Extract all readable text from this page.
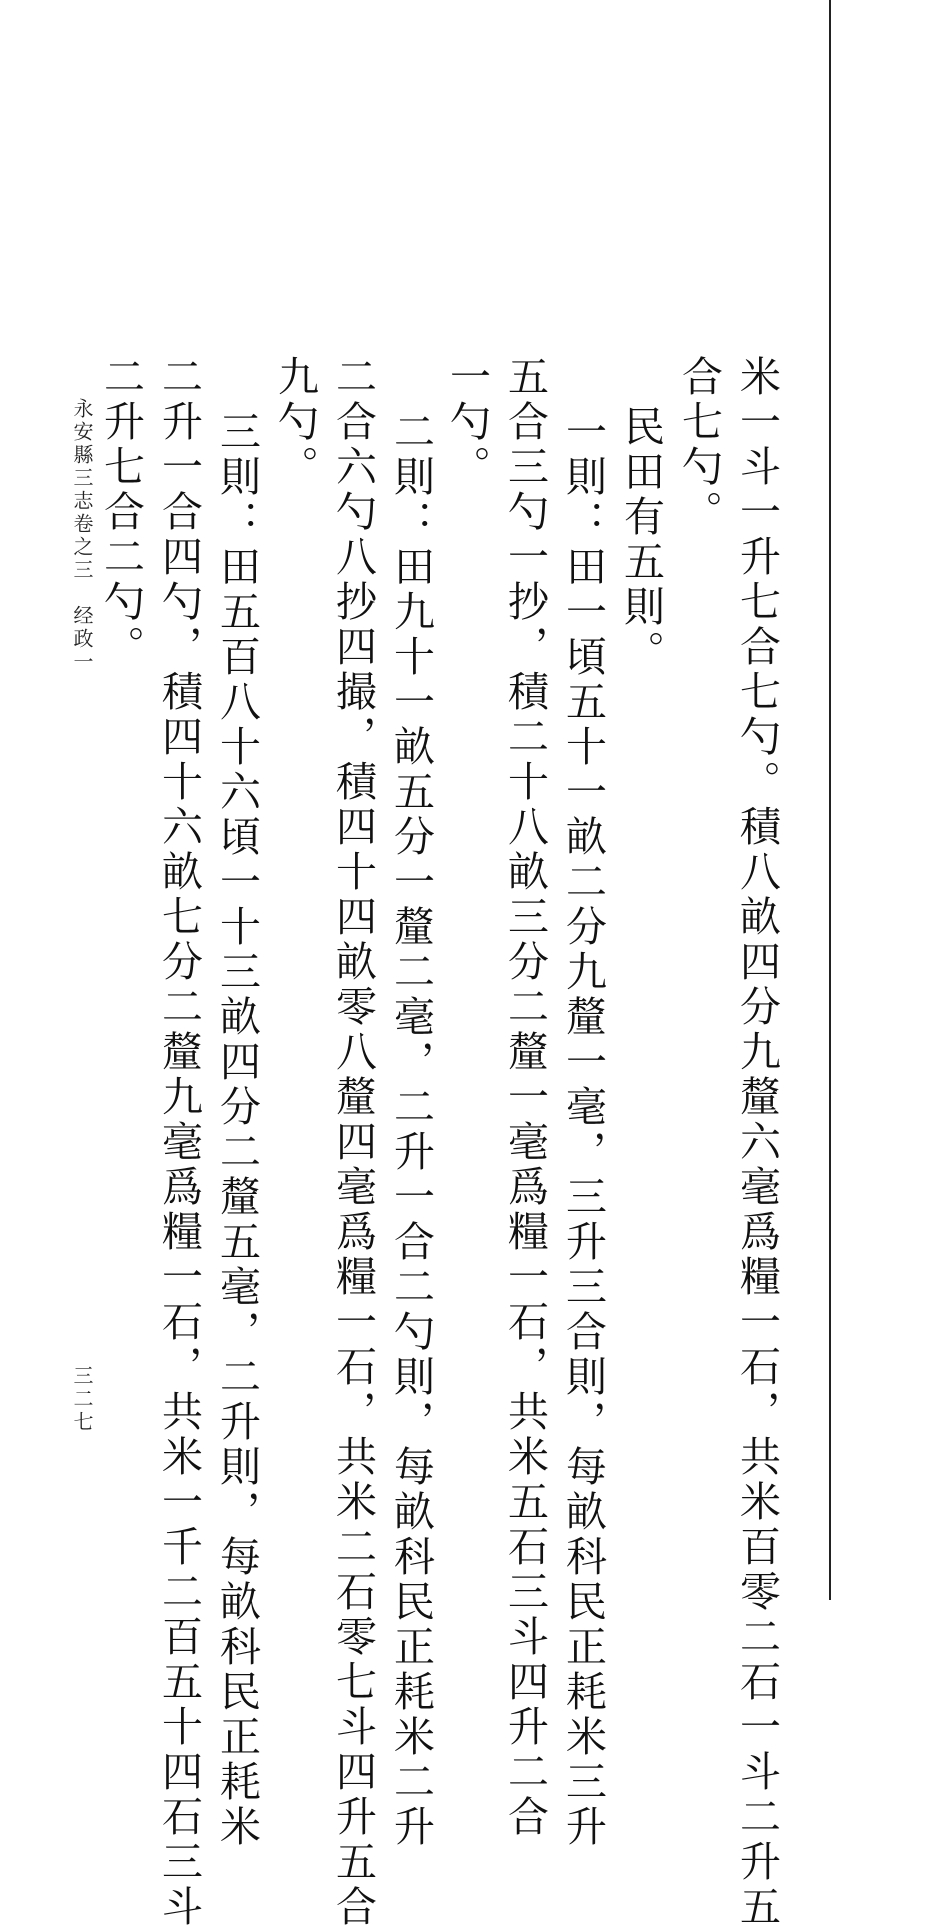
米一斗一升七合七勺。積八畝四分九釐六毫爲糧一石，共米百零二石一斗二升五
合七勺。
民田有五則。
一則：田一頃五十一畝二分九釐一毫，三升三合則，每畝科民正耗米三升
五合三勺一抄，積二十八畝三分二釐一毫爲糧一石，共米五石三斗四升二合
一勺。
二則：田九十一畝五分一釐二毫，二升一合二勺則，每畝科民正耗米二升
二合六勺八抄四撮，積四十四畝零八釐四毫爲糧一石，共米二石零七斗四升五合
九勺。
三則：田五百八十六頃一十三畝四分二釐五毫，二升則，每畝科民正耗米
二升一合四勺，積四十六畝七分二釐九毫爲糧一石，共米一千二百五十四石三斗
二升七合二勺。
永安縣三志卷之三　经政一
三二七
